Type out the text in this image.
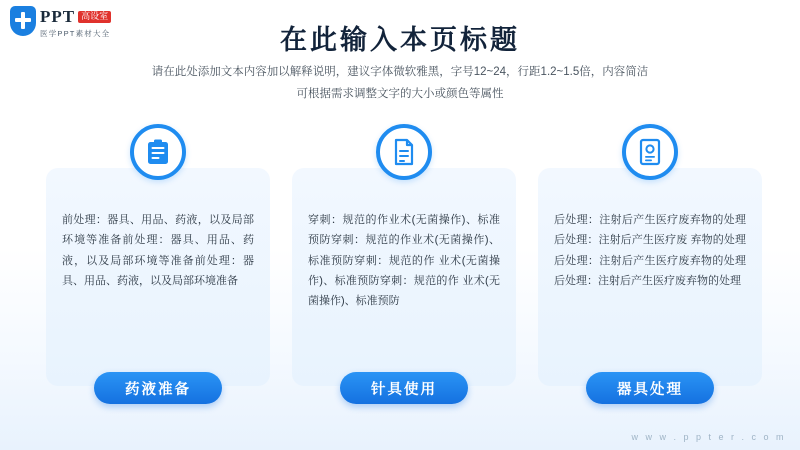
PPT 高设室
医学PPT素材大全	在此输入本页标题
请在此处添加文本内容加以解释说明，建议字体微软雅黑，字号12~24，行距1.2~1.5倍，内容简洁
可根据需求调整文字的大小或颜色等属性
前处理：器具、用品、药液，以及局部环境等准备前处理：器具、用品、药液，以及局部环境等准备前处理：器具、用品、药液，以及局部环境准备
药液准备
穿刺：规范的作业术(无菌操作)、标准预防穿刺：规范的作业术(无菌操作)、标准预防穿刺：规范的作 业术(无菌操作)、标准预防穿刺：规范的作 业术(无菌操作)、标准预防
针具使用
后处理：注射后产生医疗废弃物的处理后处理：注射后产生医疗废 弃物的处理后处理：注射后产生医疗废弃物的处理后处理：注射后产生医疗废弃物的处理
器具处理
w w w . p p t e r . c o m
